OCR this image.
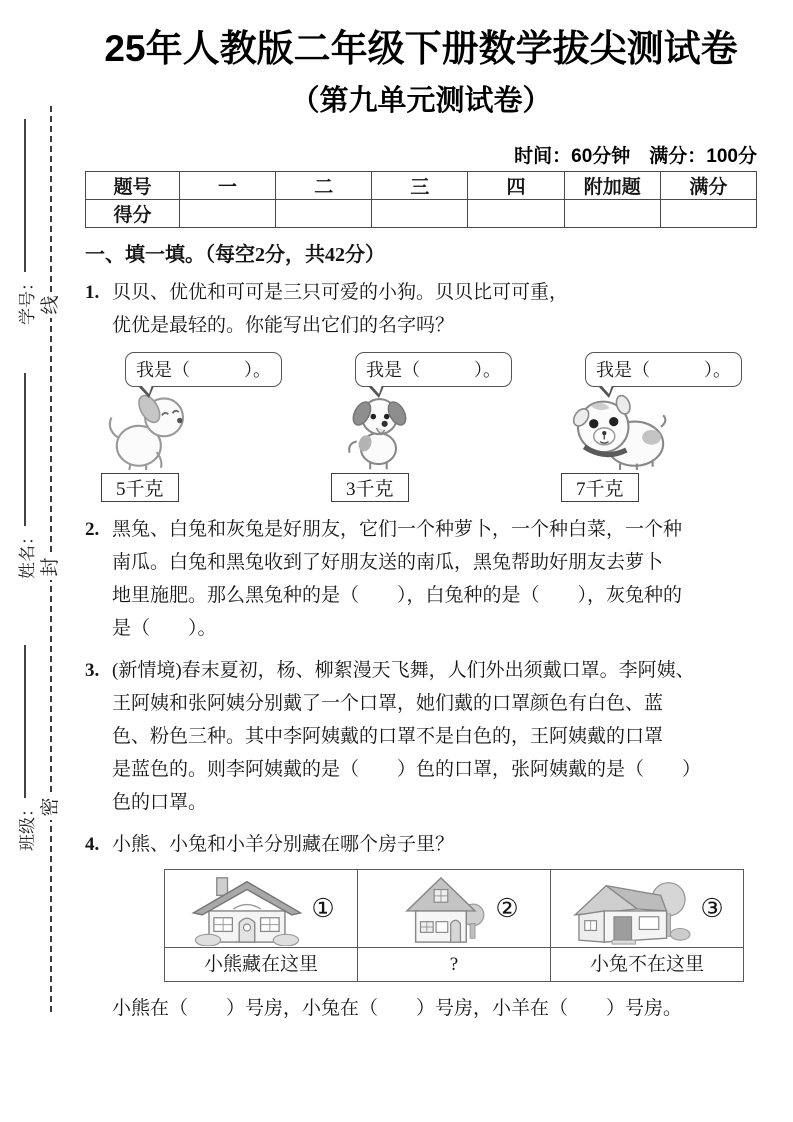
学号：
姓名：
班级：
线
封
密
25年人教版二年级下册数学拔尖测试卷
（第九单元测试卷）
时间：60分钟　满分：100分
题号	一	二	三	四	附加题	满分
得分						
一、填一填。（每空2分，共42分）
1. 贝贝、优优和可可是三只可爱的小狗。贝贝比可可重，
优优是最轻的。你能写出它们的名字吗？
我是（　　　）。
5千克
我是（　　　）。
3千克
我是（　　　）。
7千克
2. 黑兔、白兔和灰兔是好朋友，它们一个种萝卜，一个种白菜，一个种
南瓜。白兔和黑兔收到了好朋友送的南瓜，黑兔帮助好朋友去萝卜
地里施肥。那么黑兔种的是（　　），白兔种的是（　　），灰兔种的
是（　　）。
3. (新情境)春末夏初，杨、柳絮漫天飞舞，人们外出须戴口罩。李阿姨、
王阿姨和张阿姨分别戴了一个口罩，她们戴的口罩颜色有白色、蓝
色、粉色三种。其中李阿姨戴的口罩不是白色的，王阿姨戴的口罩
是蓝色的。则李阿姨戴的是（　　）色的口罩，张阿姨戴的是（　　）
色的口罩。
4. 小熊、小兔和小羊分别藏在哪个房子里？
①	②	③

小熊藏在这里	?	小兔不在这里
小熊在（　　）号房，小兔在（　　）号房，小羊在（　　）号房。
